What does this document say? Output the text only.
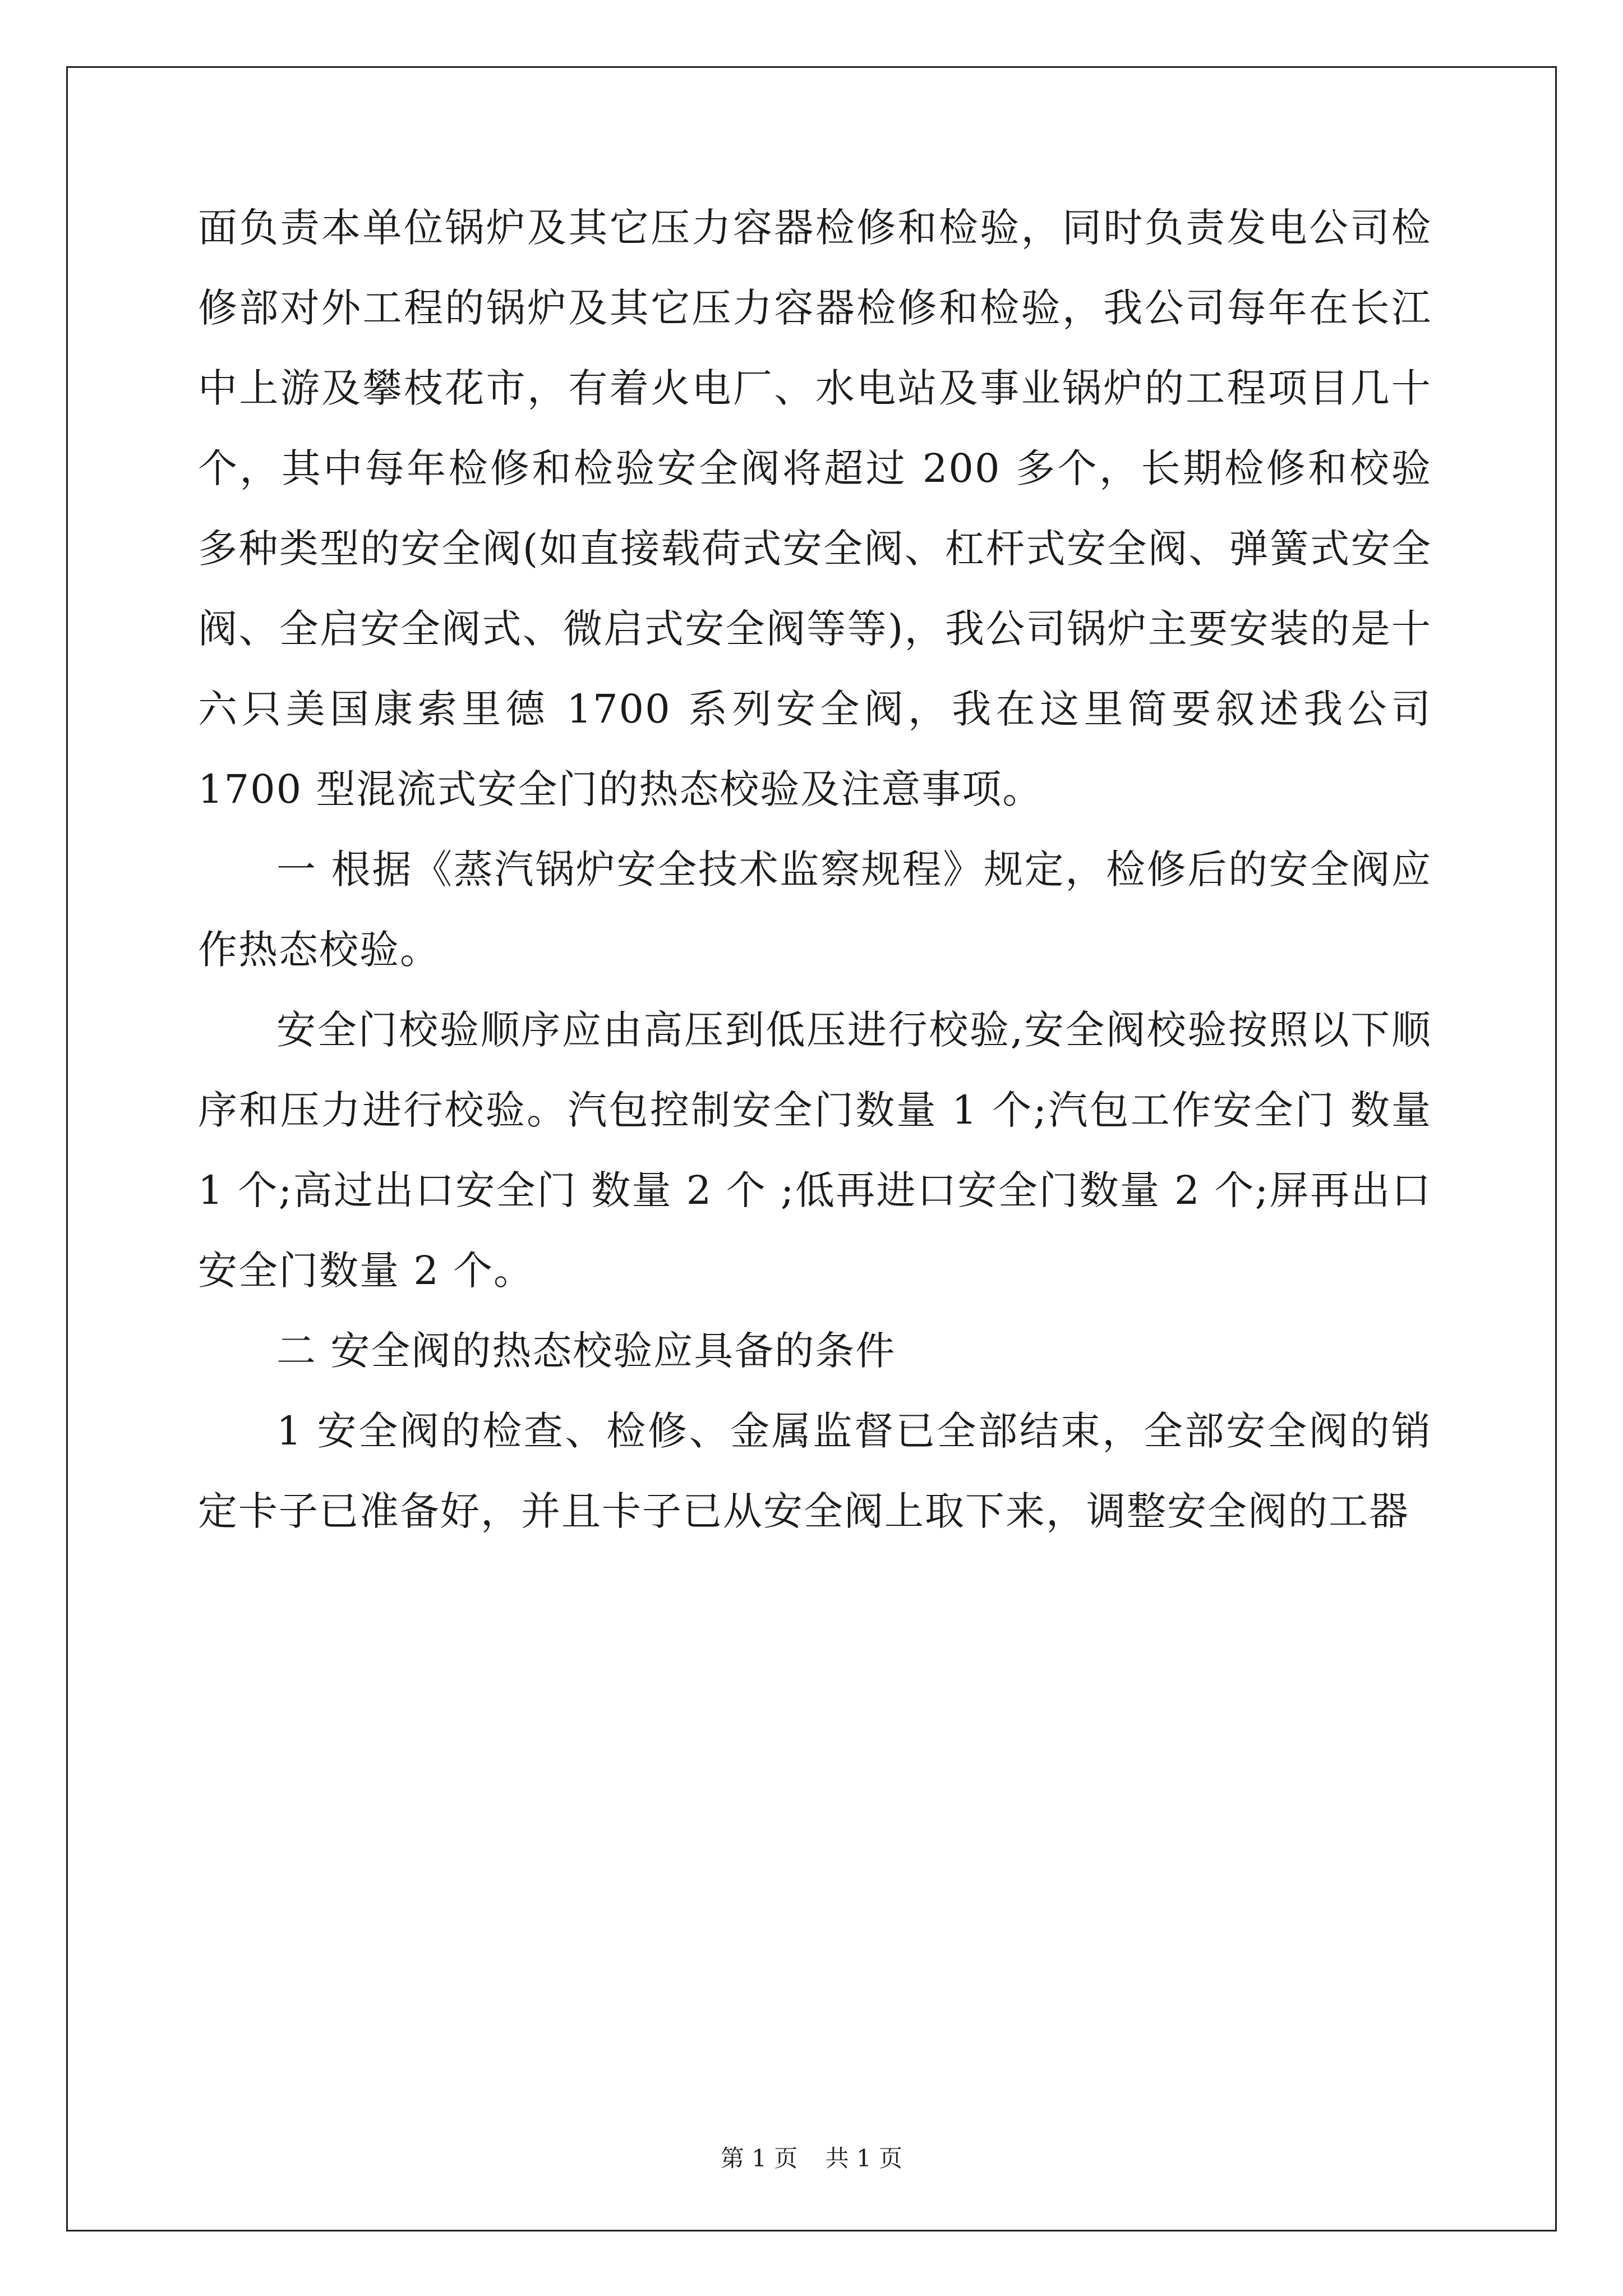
面负责本单位锅炉及其它压力容器检修和检验，同时负责发电公司检修部对外工程的锅炉及其它压力容器检修和检验，我公司每年在长江中上游及攀枝花市，有着火电厂、水电站及事业锅炉的工程项目几十个，其中每年检修和检验安全阀将超过 200 多个，长期检修和校验多种类型的安全阀(如直接载荷式安全阀、杠杆式安全阀、弹簧式安全阀、全启安全阀式、微启式安全阀等等)，我公司锅炉主要安装的是十六只美国康索里德 1700 系列安全阀，我在这里简要叙述我公司 1700 型混流式安全门的热态校验及注意事项。

一 根据《蒸汽锅炉安全技术监察规程》规定，检修后的安全阀应作热态校验。

安全门校验顺序应由高压到低压进行校验,安全阀校验按照以下顺序和压力进行校验。汽包控制安全门数量 1 个;汽包工作安全门 数量 1 个;高过出口安全门 数量 2 个 ;低再进口安全门数量 2 个;屏再出口安全门数量 2 个。

二 安全阀的热态校验应具备的条件

1 安全阀的检查、检修、金属监督已全部结束，全部安全阀的销定卡子已准备好，并且卡子已从安全阀上取下来，调整安全阀的工器

第 1 页 共 1 页
